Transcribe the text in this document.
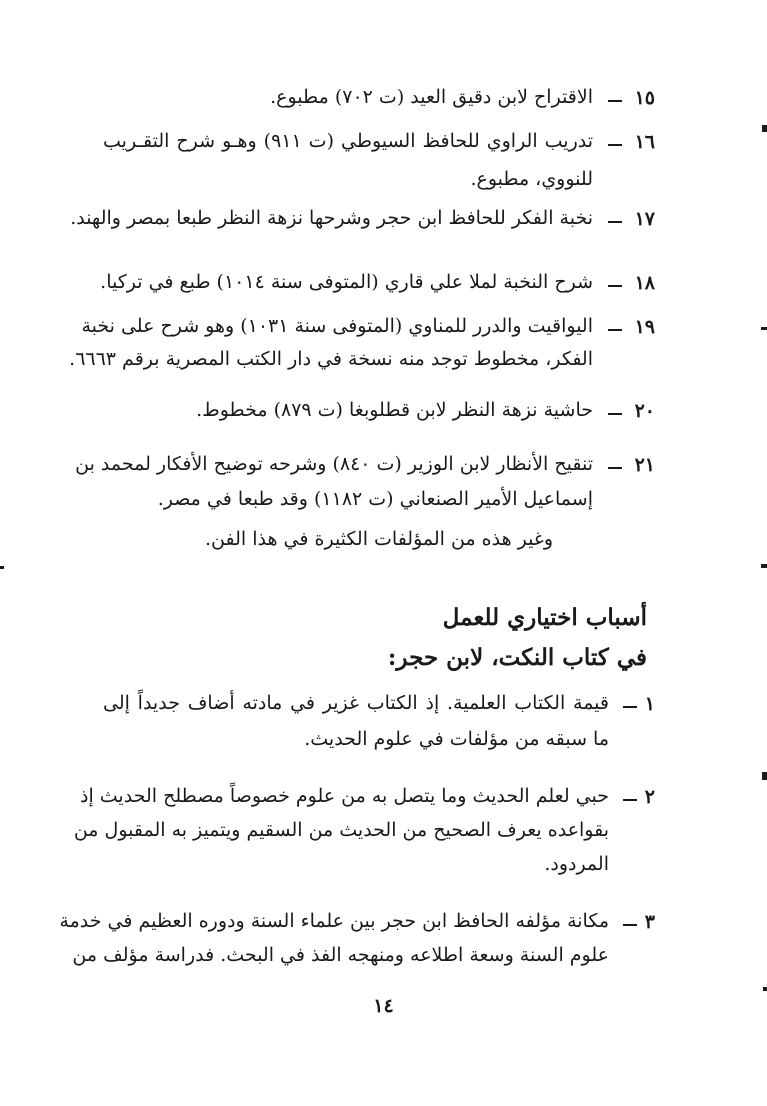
١٥
الاقتراح لابن دقيق العيد (ت ٧٠٢) مطبوع.
١٦
تدريب الراوي للحافظ السيوطي (ت ٩١١) وهـو شرح التقـريب
للنووي، مطبوع.
١٧
نخبة الفكر للحافظ ابن حجر وشرحها نزهة النظر طبعا بمصر والهند.
١٨
شرح النخبة لملا علي قاري (المتوفى سنة ١٠١٤) طبع في تركيا.
١٩
اليواقيت والدرر للمناوي (المتوفى سنة ١٠٣١) وهو شرح على نخبة
الفكر، مخطوط توجد منه نسخة في دار الكتب المصرية برقم ٦٦٦٣.
٢٠
حاشية نزهة النظر لابن قطلوبغا (ت ٨٧٩) مخطوط.
٢١
تنقيح الأنظار لابن الوزير (ت ٨٤٠) وشرحه توضيح الأفكار لمحمد بن
إسماعيل الأمير الصنعاني (ت ١١٨٢) وقد طبعا في مصر.
وغير هذه من المؤلفات الكثيرة في هذا الفن.
أسباب اختياري للعمل
في كتاب النكت، لابن حجر:
١
قيمة الكتاب العلمية. إذ الكتاب غزير في مادته أضاف جديداً إلى
ما سبقه من مؤلفات في علوم الحديث.
٢
حبي لعلم الحديث وما يتصل به من علوم خصوصاً مصطلح الحديث إذ
بقواعده يعرف الصحيح من الحديث من السقيم ويتميز به المقبول من
المردود.
٣
مكانة مؤلفه الحافظ ابن حجر بين علماء السنة ودوره العظيم في خدمة
علوم السنة وسعة اطلاعه ومنهجه الفذ في البحث. فدراسة مؤلف من
١٤
